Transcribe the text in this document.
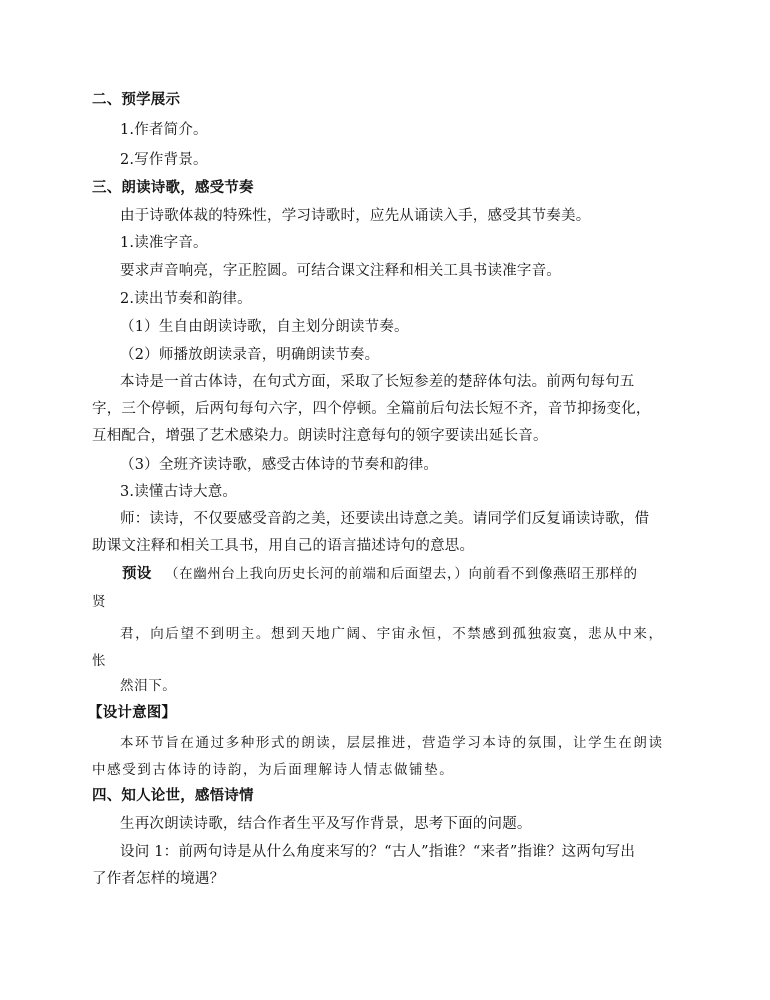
二、预学展示
1.作者简介。
2.写作背景。
三、朗读诗歌，感受节奏
由于诗歌体裁的特殊性，学习诗歌时，应先从诵读入手，感受其节奏美。
1.读准字音。
要求声音响亮，字正腔圆。可结合课文注释和相关工具书读准字音。
2.读出节奏和韵律。
（1）生自由朗读诗歌，自主划分朗读节奏。
（2）师播放朗读录音，明确朗读节奏。
本诗是一首古体诗，在句式方面，采取了长短参差的楚辞体句法。前两句每句五
字，三个停顿，后两句每句六字，四个停顿。全篇前后句法长短不齐，音节抑扬变化，
互相配合，增强了艺术感染力。朗读时注意每句的领字要读出延长音。
（3）全班齐读诗歌，感受古体诗的节奏和韵律。
3.读懂古诗大意。
师：读诗，不仅要感受音韵之美，还要读出诗意之美。请同学们反复诵读诗歌，借
助课文注释和相关工具书，用自己的语言描述诗句的意思。
预设 （在幽州台上我向历史长河的前端和后面望去，）向前看不到像燕昭王那样的
贤
君，向后望不到明主。想到天地广阔、宇宙永恒，不禁感到孤独寂寞，悲从中来，
怅
然泪下。
【设计意图】
本环节旨在通过多种形式的朗读，层层推进，营造学习本诗的氛围，让学生在朗读
中感受到古体诗的诗韵，为后面理解诗人情志做铺垫。
四、知人论世，感悟诗情
生再次朗读诗歌，结合作者生平及写作背景，思考下面的问题。
设问 1：前两句诗是从什么角度来写的？“古人”指谁？“来者”指谁？这两句写出
了作者怎样的境遇？
